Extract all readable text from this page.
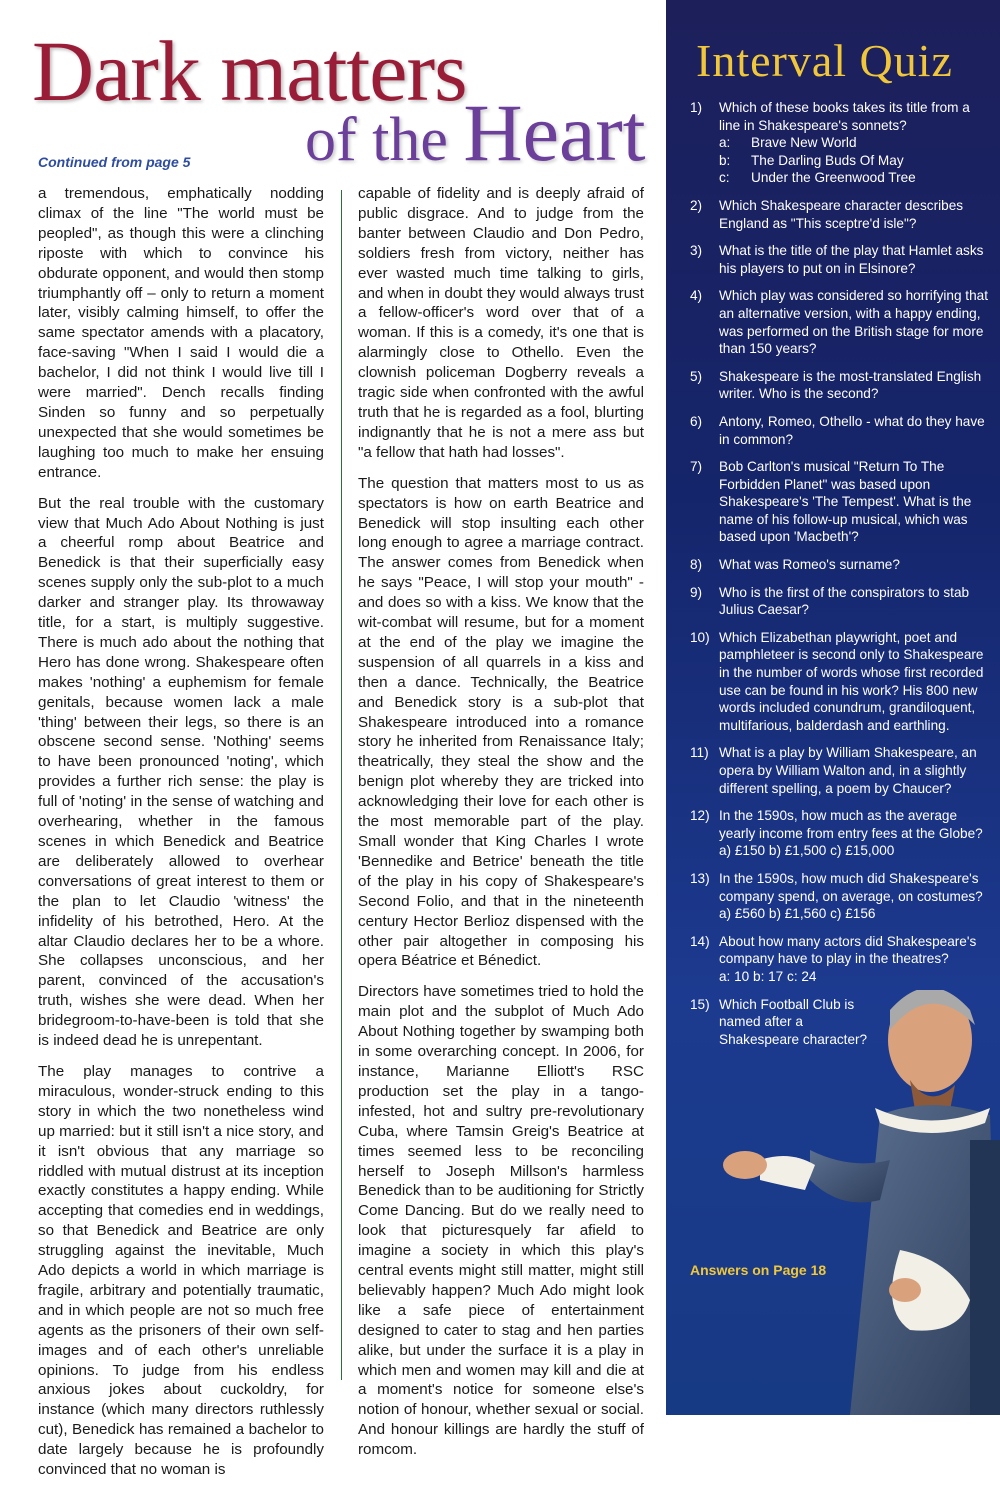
Dark matters
of the Heart
Continued from page 5

a tremendous, emphatically nodding climax of the line "The world must be peopled", as though this were a clinching riposte with which to convince his obdurate opponent, and would then stomp triumphantly off – only to return a moment later, visibly calming himself, to offer the same spectator amends with a placatory, face-saving "When I said I would die a bachelor, I did not think I would live till I were married". Dench recalls finding Sinden so funny and so perpetually unexpected that she would sometimes be laughing too much to make her ensuing entrance.

But the real trouble with the customary view that Much Ado About Nothing is just a cheerful romp about Beatrice and Benedick is that their superficially easy scenes supply only the sub-plot to a much darker and stranger play. Its throwaway title, for a start, is multiply suggestive. There is much ado about the nothing that Hero has done wrong. Shakespeare often makes 'nothing' a euphemism for female genitals, because women lack a male 'thing' between their legs, so there is an obscene second sense. 'Nothing' seems to have been pronounced 'noting', which provides a further rich sense: the play is full of 'noting' in the sense of watching and overhearing, whether in the famous scenes in which Benedick and Beatrice are deliberately allowed to overhear conversations of great interest to them or the plan to let Claudio 'witness' the infidelity of his betrothed, Hero. At the altar Claudio declares her to be a whore. She collapses unconscious, and her parent, convinced of the accusation's truth, wishes she were dead. When her bridegroom-to-have-been is told that she is indeed dead he is unrepentant.

The play manages to contrive a miraculous, wonder-struck ending to this story in which the two nonetheless wind up married: but it still isn't a nice story, and it isn't obvious that any marriage so riddled with mutual distrust at its inception exactly constitutes a happy ending. While accepting that comedies end in weddings, so that Benedick and Beatrice are only struggling against the inevitable, Much Ado depicts a world in which marriage is fragile, arbitrary and potentially traumatic, and in which people are not so much free agents as the prisoners of their own self-images and of each other's unreliable opinions. To judge from his endless anxious jokes about cuckoldry, for instance (which many directors ruthlessly cut), Benedick has remained a bachelor to date largely because he is profoundly convinced that no woman is

capable of fidelity and is deeply afraid of public disgrace. And to judge from the banter between Claudio and Don Pedro, soldiers fresh from victory, neither has ever wasted much time talking to girls, and when in doubt they would always trust a fellow-officer's word over that of a woman. If this is a comedy, it's one that is alarmingly close to Othello. Even the clownish policeman Dogberry reveals a tragic side when confronted with the awful truth that he is regarded as a fool, blurting indignantly that he is not a mere ass but "a fellow that hath had losses".

The question that matters most to us as spectators is how on earth Beatrice and Benedick will stop insulting each other long enough to agree a marriage contract. The answer comes from Benedick when he says "Peace, I will stop your mouth" - and does so with a kiss. We know that the wit-combat will resume, but for a moment at the end of the play we imagine the suspension of all quarrels in a kiss and then a dance. Technically, the Beatrice and Benedick story is a sub-plot that Shakespeare introduced into a romance story he inherited from Renaissance Italy; theatrically, they steal the show and the benign plot whereby they are tricked into acknowledging their love for each other is the most memorable part of the play. Small wonder that King Charles I wrote 'Bennedike and Betrice' beneath the title of the play in his copy of Shakespeare's Second Folio, and that in the nineteenth century Hector Berlioz dispensed with the other pair altogether in composing his opera Béatrice et Bénedict.

Directors have sometimes tried to hold the main plot and the subplot of Much Ado About Nothing together by swamping both in some overarching concept. In 2006, for instance, Marianne Elliott's RSC production set the play in a tango-infested, hot and sultry pre-revolutionary Cuba, where Tamsin Greig's Beatrice at times seemed less to be reconciling herself to Joseph Millson's harmless Benedick than to be auditioning for Strictly Come Dancing. But do we really need to look that picturesquely far afield to imagine a society in which this play's central events might still matter, might still believably happen? Much Ado might look like a safe piece of entertainment designed to cater to stag and hen parties alike, but under the surface it is a play in which men and women may kill and die at a moment's notice for someone else's notion of honour, whether sexual or social. And honour killings are hardly the stuff of romcom.

Interval Quiz
1) Which of these books takes its title from a line in Shakespeare's sonnets?
a: Brave New World
b: The Darling Buds Of May
c: Under the Greenwood Tree
2) Which Shakespeare character describes England as "This sceptre'd isle"?
3) What is the title of the play that Hamlet asks his players to put on in Elsinore?
4) Which play was considered so horrifying that an alternative version, with a happy ending, was performed on the British stage for more than 150 years?
5) Shakespeare is the most-translated English writer. Who is the second?
6) Antony, Romeo, Othello - what do they have in common?
7) Bob Carlton's musical "Return To The Forbidden Planet" was based upon Shakespeare's 'The Tempest'. What is the name of his follow-up musical, which was based upon 'Macbeth'?
8) What was Romeo's surname?
9) Who is the first of the conspirators to stab Julius Caesar?
10) Which Elizabethan playwright, poet and pamphleteer is second only to Shakespeare in the number of words whose first recorded use can be found in his work? His 800 new words included conundrum, grandiloquent, multifarious, balderdash and earthling.
11) What is a play by William Shakespeare, an opera by William Walton and, in a slightly different spelling, a poem by Chaucer?
12) In the 1590s, how much as the average yearly income from entry fees at the Globe?
a) £150 b) £1,500 c) £15,000
13) In the 1590s, how much did Shakespeare's company spend, on average, on costumes?
a) £560 b) £1,560 c) £156
14) About how many actors did Shakespeare's company have to play in the theatres?
a: 10 b: 17 c: 24
15) Which Football Club is named after a Shakespeare character?
Answers on Page 18
